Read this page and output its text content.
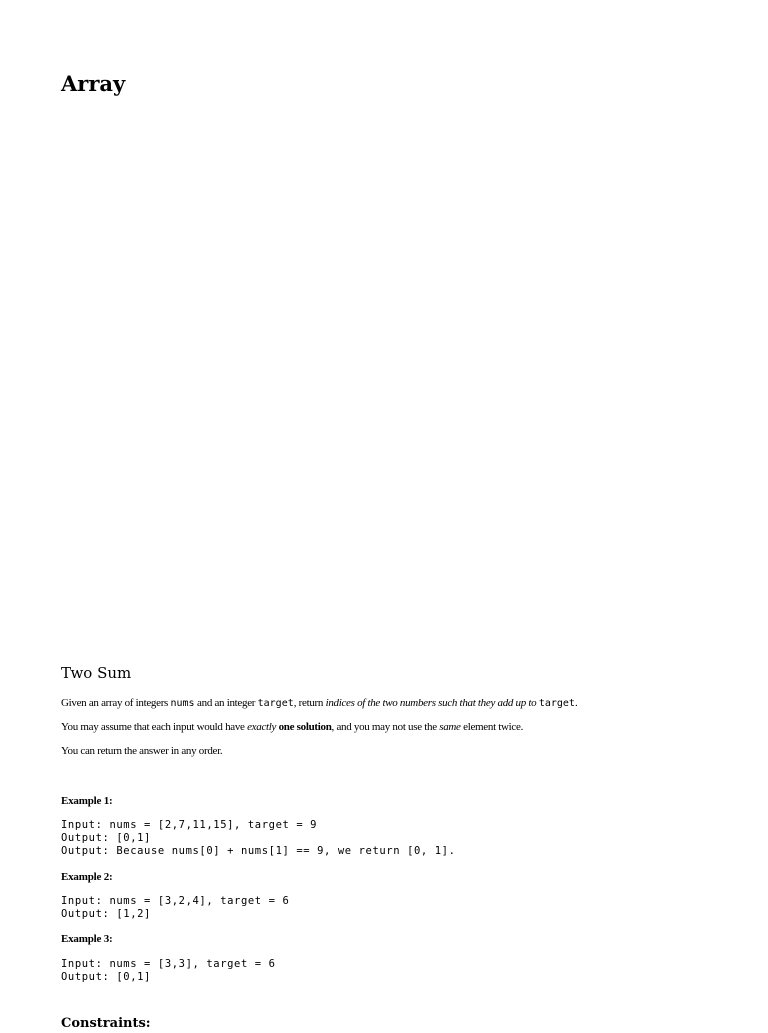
Array
Two Sum

Given an array of integers nums and an integer target, return indices of the two numbers such that they add up to target.

You may assume that each input would have exactly one solution, and you may not use the same element twice.

You can return the answer in any order.

Example 1:

Input: nums = [2,7,11,15], target = 9
Output: [0,1]
Output: Because nums[0] + nums[1] == 9, we return [0, 1].

Example 2:

Input: nums = [3,2,4], target = 6
Output: [1,2]

Example 3:

Input: nums = [3,3], target = 6
Output: [0,1]

Constraints:
